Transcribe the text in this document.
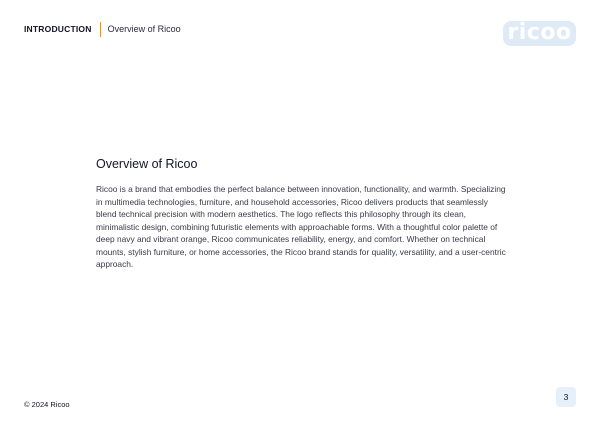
INTRODUCTION Overview of Ricoo	ricoo
Overview of Ricoo

Ricoo is a brand that embodies the perfect balance between innovation, functionality, and warmth. Specializing in multimedia technologies, furniture, and household accessories, Ricoo delivers products that seamlessly blend technical precision with modern aesthetics. The logo reflects this philosophy through its clean, minimalistic design, combining futuristic elements with approachable forms. With a thoughtful color palette of deep navy and vibrant orange, Ricoo communicates reliability, energy, and comfort. Whether on technical mounts, stylish furniture, or home accessories, the Ricoo brand stands for quality, versatility, and a user-centric approach.

© 2024 Ricoo
3
